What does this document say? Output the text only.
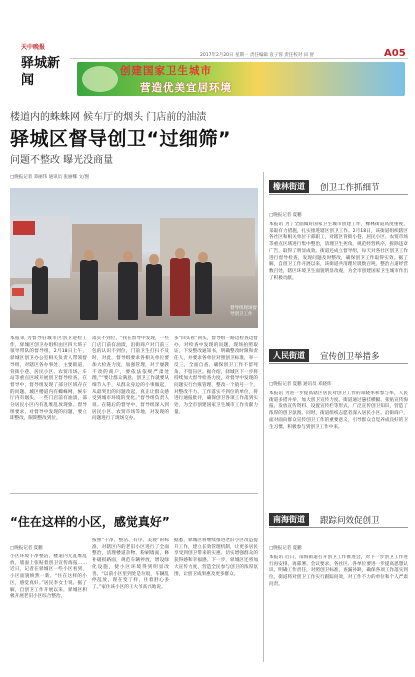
天中晚报
驿城新闻
2017年2月20日 星期一 责任编辑 袁子蓉 责任校对 田 舒	A05
创建国家卫生城市
营造优美宜居环境
楼道内的蛛蛛网 候车厅的烟头 门店前的油渍
驿城区督导创卫“过细筛”
问题不整改 曝光没商量
□晚报记者 邓丽伟 通讯员 张丽娜 文/图
督导组现场督导创卫工作
本报讯 为督导驻城市区创卫迎检工作，驿城区创卫办组织由区四大班子领导带队的督导组，2月18日上午，驿城区创卫办公室相关负责人带领督导组，对辖区各办事处、主要街道、背街小巷、居民小区、农贸市场、车站等重点区域开展创卫督导检查。在督导中，督导组发现了部分区域存在的问题。城区楼道内有蜘蛛网，候车厅内有烟头，一些门店前有油渍，部分居民小区内有乱堆乱放现象。督导组要求，对督导中发现的问题，要立即整改，限期整改到位。
落实不到位，“我在督导中发现，一些门店门前有油渍，沿街商户对门前三包的认识不到位，门前卫生打扫不及时，对此，督导组要求各相关单位要加大检查力度，加强管理，对于屡教不改的商户，要依法依规严肃处理。”“要让群众满意，创卫工作就要从细节入手，从群众身边的小事做起，从最突出的问题改起，真正让群众感受到城市环境的变化。”督导组负责人说。在随后的督导中，督导组深入到居民小区、农贸市场等地，对发现的问题进行了现场交办。
多“回头看”回头，督导组一路边检查边督办，对检查中发现的问题，现场拍照取证，下发整改通知书，明确整改时限和责任人，并要求各单位对照创卫标准，举一反三，全面自查，确保创卫工作不留死角、不留盲区。据介绍，驿城区下一步将持续加大督导检查力度，对督导中发现的问题实行台账管理，整改一个销号一个，对整改不力、工作落实不到位的单位，将进行通报批评，确保创卫各项工作落到实处，为全市创建国家卫生城市工作贡献力量。
“住在这样的小区，感觉真好”
□晚报记者 夏鹏
小区环境干净整洁，楼道内无乱堆乱放，墙面上张贴着创卫宣传海报……近日，记者在驿城区一些小区看到，小区面貌焕然一新。“住在这样的小区，感觉真好。”居民李女士说。据了解，自创卫工作开展以来，驿城区积极开展老旧小区综合整治，
按照“干净、整洁、有序、美观”的标准，对辖区内的老旧小区进行了全面整治，清理楼道杂物，粉刷墙面，修补破损路面，规范车辆停放，增设绿化设施，使小区环境得到明显改善。“以前小区里到处是垃圾，车辆乱停乱放，现在变了样，住着舒心多了。”家住该小区的王大爷高兴地说。
据悉，驿城区将继续推进老旧小区改造提升工作，建立长效管理机制，让更多居民享受到创卫带来的实惠，切实增强群众的获得感和幸福感。下一步，驿城区还将加大宣传力度，营造全民参与创卫的浓厚氛围，让创卫成果惠及更多群众。
橡林街道	创卫工作抓细节
□晚报记者 夏鹏
本报讯 为了全面做好国家卫生城市创建工作，橡林街道高度重视，采取有力措施，扎实推进辖区创卫工作。2月18日，该街道组织辖区各社区和相关单位干部职工，对辖区背街小巷、居民小区、农贸市场等重点区域进行集中整治，清理卫生死角，规范经营秩序，拆除违章广告，取得了明显成效。街道还成立督导组，每天对各社区创卫工作进行督导检查，发现问题及时整改，确保创卫工作取得实效。据了解，自创卫工作开展以来，该街道共清理垃圾数百吨，整治占道经营数百处，辖区环境卫生面貌明显改观，为全市创建国家卫生城市作出了积极贡献。
人民街道	宣传创卫举措多
□晚报记者 夏鹏 通讯员 邓晓炜
本报讯 为进一步提高辖区居民对创卫工作的知晓率和参与率，人民街道多措并举，加大创卫宣传力度。街道通过悬挂横幅、张贴宣传海报、发放宣传资料、设置宣传栏等形式，广泛宣传创卫知识，营造了浓厚的创卫氛围。同时，街道组织志愿者深入居民小区、沿街商户，面对面向群众宣传创卫工作的重要意义，引导群众自觉养成良好的卫生习惯，积极参与到创卫工作中来。
南海街道	跟踪问效促创卫
□晚报记者 夏鹏
本报讯 近日，南海街道召开创卫工作推进会，对下一步创卫工作进行再安排、再部署。会议要求，各社区、各单位要进一步提高思想认识，明确工作责任，对照创卫标准，查漏补缺，确保各项工作落实到位。街道将对创卫工作实行跟踪问效，对工作不力的单位和个人严肃问责。
